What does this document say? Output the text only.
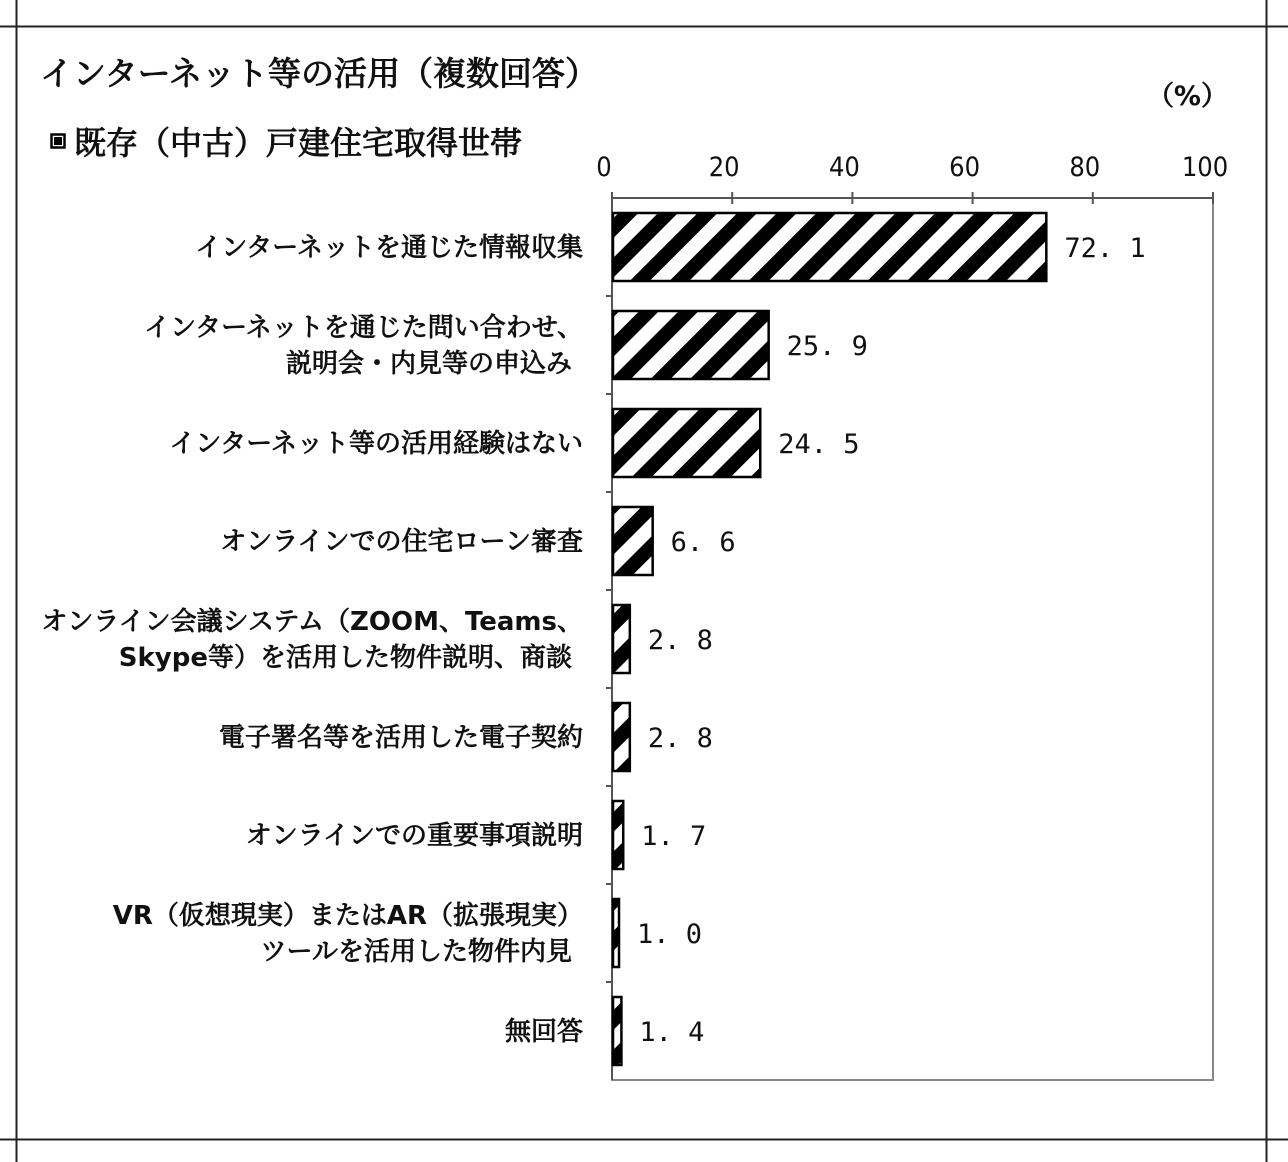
インターネット等の活用（複数回答）
既存（中古）戸建住宅取得世帯
（%）
0	20	40	60	80	100
72. 1
インターネットを通じた情報収集
25. 9
インターネットを通じた問い合わせ、
説明会・内見等の申込み
24. 5
インターネット等の活用経験はない
6. 6
オンラインでの住宅ローン審査
2. 8
オンライン会議システム（ZOOM、Teams、
Skype等）を活用した物件説明、商談
2. 8
電子署名等を活用した電子契約
1. 7
オンラインでの重要事項説明
1. 0
VR（仮想現実）またはAR（拡張現実）
ツールを活用した物件内見
1. 4
無回答
